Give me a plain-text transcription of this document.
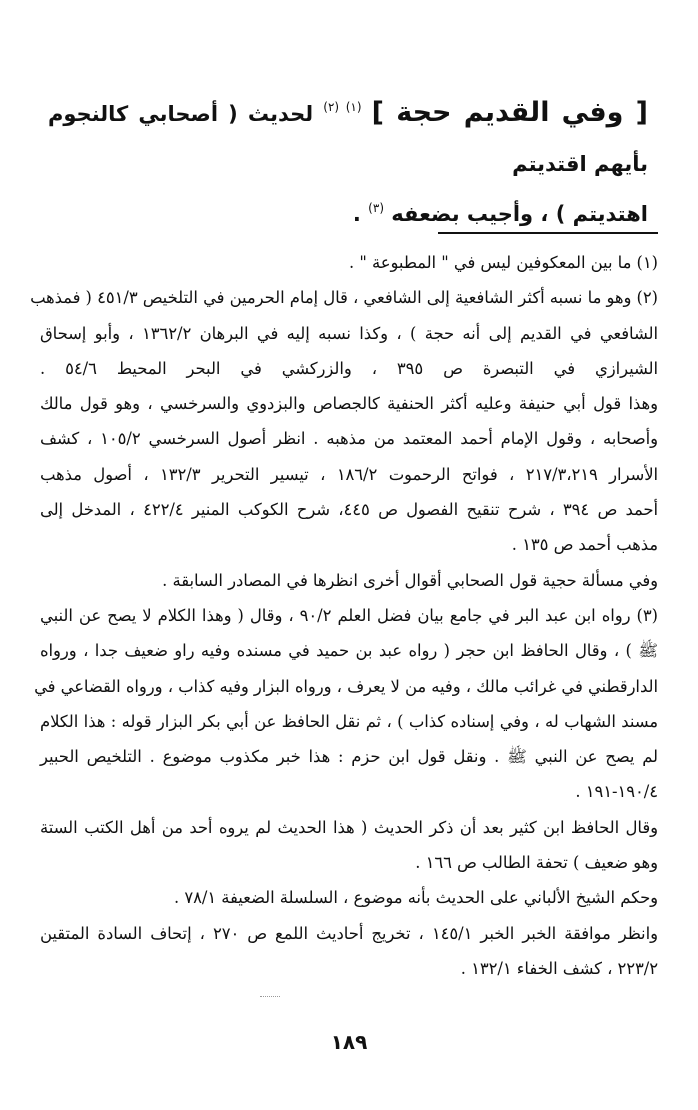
[ وفي القديم حجة ] $^{(١) (٢)}$ لحديث ( أصحابي كالنجوم بأيهم اقتديتم
اهتديتم ) ، وأجيب بضعفه $^{(٣)}$ .
(١) ما بين المعكوفين ليس في " المطبوعة " .
(٢) وهو ما نسبه أكثر الشافعية إلى الشافعي ، قال إمام الحرمين في التلخيص ٤٥١/٣ ( فمذهب
الشافعي في القديم إلى أنه حجة ) ، وكذا نسبه إليه في البرهان ١٣٦٢/٢ ، وأبو إسحاق
الشيرازي في التبصرة ص ٣٩٥ ، والزركشي في البحر المحيط ٥٤/٦ .
وهذا قول أبي حنيفة وعليه أكثر الحنفية كالجصاص والبزدوي والسرخسي ، وهو قول مالك
وأصحابه ، وقول الإمام أحمد المعتمد من مذهبه . انظر أصول السرخسي ١٠٥/٢ ، كشف
الأسرار ٢١٧/٣،٢١٩ ، فواتح الرحموت ١٨٦/٢ ، تيسير التحرير ١٣٢/٣ ، أصول مذهب
أحمد ص ٣٩٤ ، شرح تنقيح الفصول ص ٤٤٥، شرح الكوكب المنير ٤٢٢/٤ ، المدخل إلى
مذهب أحمد ص ١٣٥ .
وفي مسألة حجية قول الصحابي أقوال أخرى انظرها في المصادر السابقة .
(٣) رواه ابن عبد البر في جامع بيان فضل العلم ٩٠/٢ ، وقال ( وهذا الكلام لا يصح عن النبي
ﷺ ) ، وقال الحافظ ابن حجر ( رواه عبد بن حميد في مسنده وفيه راو ضعيف جدا ، ورواه
الدارقطني في غرائب مالك ، وفيه من لا يعرف ، ورواه البزار وفيه كذاب ، ورواه القضاعي في
مسند الشهاب له ، وفي إسناده كذاب ) ، ثم نقل الحافظ عن أبي بكر البزار قوله : هذا الكلام
لم يصح عن النبي ﷺ . ونقل قول ابن حزم : هذا خبر مكذوب موضوع . التلخيص الحبير
١٩٠/٤-١٩١ .
وقال الحافظ ابن كثير بعد أن ذكر الحديث ( هذا الحديث لم يروه أحد من أهل الكتب الستة
وهو ضعيف ) تحفة الطالب ص ١٦٦ .
وحكم الشيخ الألباني على الحديث بأنه موضوع ، السلسلة الضعيفة ٧٨/١ .
وانظر موافقة الخبر الخبر ١٤٥/١ ، تخريج أحاديث اللمع ص ٢٧٠ ، إتحاف السادة المتقين
٢٢٣/٢ ، كشف الخفاء ١٣٢/١ .
١٨٩
